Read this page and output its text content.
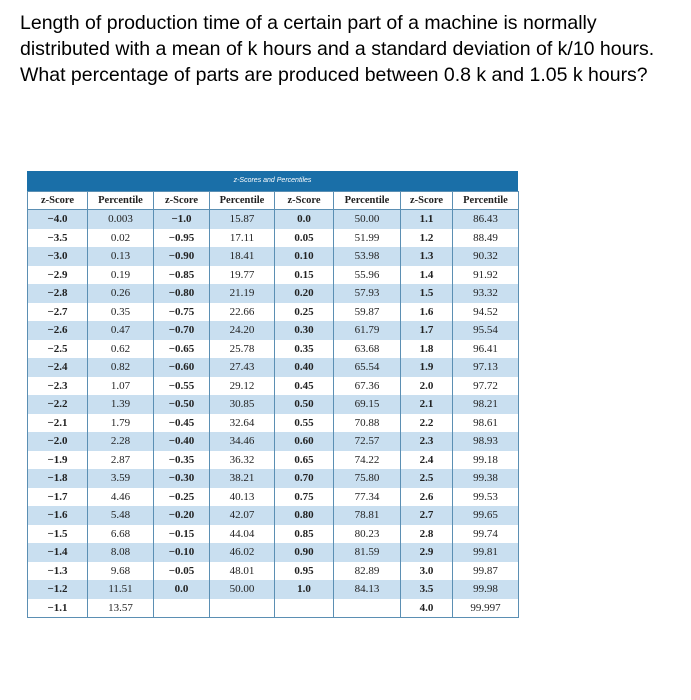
Length of production time of a certain part of a machine is normally distributed with a mean of k hours and a standard deviation of k/10 hours. What percentage of parts are produced between 0.8 k and 1.05 k hours?
z-Scores and Percentiles
z-Score	Percentile	z-Score	Percentile	z-Score	Percentile	z-Score	Percentile
−4.0	0.003	−1.0	15.87	0.0	50.00	1.1	86.43
−3.5	0.02	−0.95	17.11	0.05	51.99	1.2	88.49
−3.0	0.13	−0.90	18.41	0.10	53.98	1.3	90.32
−2.9	0.19	−0.85	19.77	0.15	55.96	1.4	91.92
−2.8	0.26	−0.80	21.19	0.20	57.93	1.5	93.32
−2.7	0.35	−0.75	22.66	0.25	59.87	1.6	94.52
−2.6	0.47	−0.70	24.20	0.30	61.79	1.7	95.54
−2.5	0.62	−0.65	25.78	0.35	63.68	1.8	96.41
−2.4	0.82	−0.60	27.43	0.40	65.54	1.9	97.13
−2.3	1.07	−0.55	29.12	0.45	67.36	2.0	97.72
−2.2	1.39	−0.50	30.85	0.50	69.15	2.1	98.21
−2.1	1.79	−0.45	32.64	0.55	70.88	2.2	98.61
−2.0	2.28	−0.40	34.46	0.60	72.57	2.3	98.93
−1.9	2.87	−0.35	36.32	0.65	74.22	2.4	99.18
−1.8	3.59	−0.30	38.21	0.70	75.80	2.5	99.38
−1.7	4.46	−0.25	40.13	0.75	77.34	2.6	99.53
−1.6	5.48	−0.20	42.07	0.80	78.81	2.7	99.65
−1.5	6.68	−0.15	44.04	0.85	80.23	2.8	99.74
−1.4	8.08	−0.10	46.02	0.90	81.59	2.9	99.81
−1.3	9.68	−0.05	48.01	0.95	82.89	3.0	99.87
−1.2	11.51	0.0	50.00	1.0	84.13	3.5	99.98
−1.1	13.57					4.0	99.997
